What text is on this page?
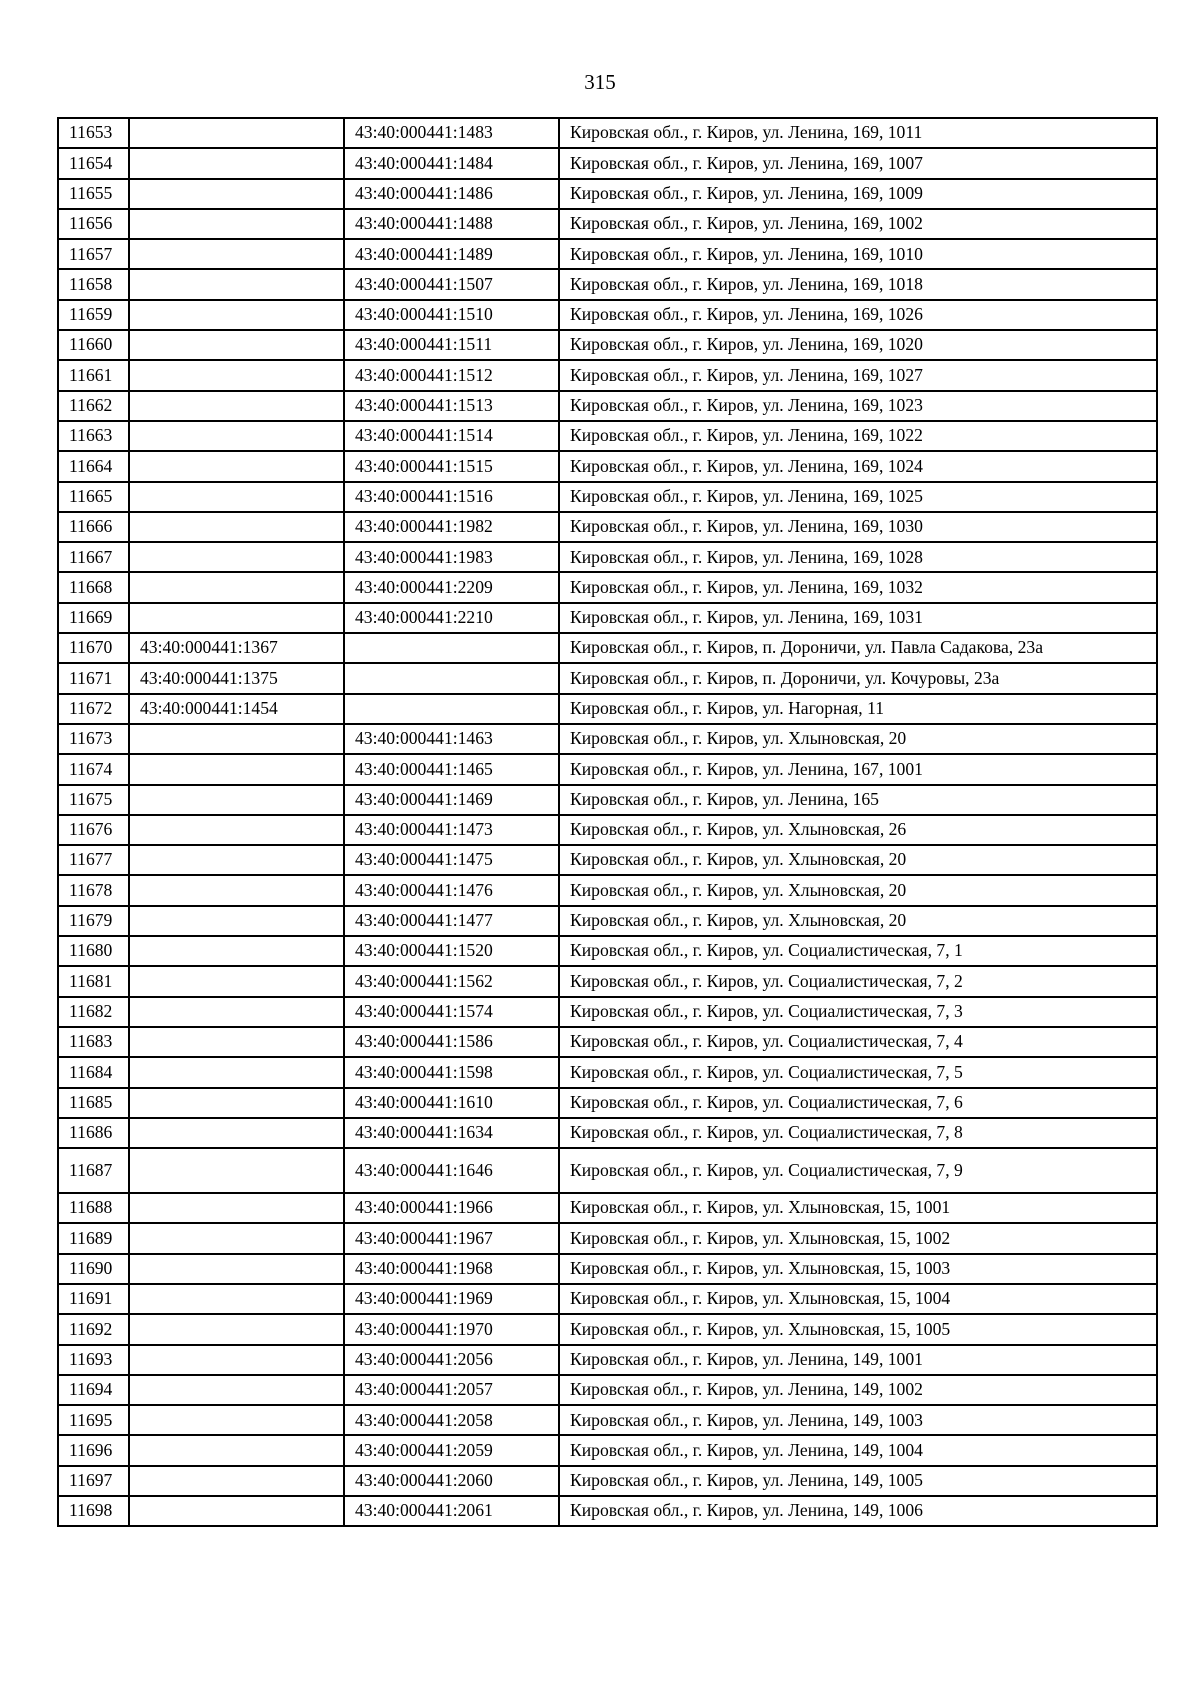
315
11653		43:40:000441:1483	Кировская обл., г. Киров, ул. Ленина, 169, 1011
11654		43:40:000441:1484	Кировская обл., г. Киров, ул. Ленина, 169, 1007
11655		43:40:000441:1486	Кировская обл., г. Киров, ул. Ленина, 169, 1009
11656		43:40:000441:1488	Кировская обл., г. Киров, ул. Ленина, 169, 1002
11657		43:40:000441:1489	Кировская обл., г. Киров, ул. Ленина, 169, 1010
11658		43:40:000441:1507	Кировская обл., г. Киров, ул. Ленина, 169, 1018
11659		43:40:000441:1510	Кировская обл., г. Киров, ул. Ленина, 169, 1026
11660		43:40:000441:1511	Кировская обл., г. Киров, ул. Ленина, 169, 1020
11661		43:40:000441:1512	Кировская обл., г. Киров, ул. Ленина, 169, 1027
11662		43:40:000441:1513	Кировская обл., г. Киров, ул. Ленина, 169, 1023
11663		43:40:000441:1514	Кировская обл., г. Киров, ул. Ленина, 169, 1022
11664		43:40:000441:1515	Кировская обл., г. Киров, ул. Ленина, 169, 1024
11665		43:40:000441:1516	Кировская обл., г. Киров, ул. Ленина, 169, 1025
11666		43:40:000441:1982	Кировская обл., г. Киров, ул. Ленина, 169, 1030
11667		43:40:000441:1983	Кировская обл., г. Киров, ул. Ленина, 169, 1028
11668		43:40:000441:2209	Кировская обл., г. Киров, ул. Ленина, 169, 1032
11669		43:40:000441:2210	Кировская обл., г. Киров, ул. Ленина, 169, 1031
11670	43:40:000441:1367		Кировская обл., г. Киров, п. Дороничи, ул. Павла Садакова, 23а
11671	43:40:000441:1375		Кировская обл., г. Киров, п. Дороничи, ул. Кочуровы, 23а
11672	43:40:000441:1454		Кировская обл., г. Киров, ул. Нагорная, 11
11673		43:40:000441:1463	Кировская обл., г. Киров, ул. Хлыновская, 20
11674		43:40:000441:1465	Кировская обл., г. Киров, ул. Ленина, 167, 1001
11675		43:40:000441:1469	Кировская обл., г. Киров, ул. Ленина, 165
11676		43:40:000441:1473	Кировская обл., г. Киров, ул. Хлыновская, 26
11677		43:40:000441:1475	Кировская обл., г. Киров, ул. Хлыновская, 20
11678		43:40:000441:1476	Кировская обл., г. Киров, ул. Хлыновская, 20
11679		43:40:000441:1477	Кировская обл., г. Киров, ул. Хлыновская, 20
11680		43:40:000441:1520	Кировская обл., г. Киров, ул. Социалистическая, 7, 1
11681		43:40:000441:1562	Кировская обл., г. Киров, ул. Социалистическая, 7, 2
11682		43:40:000441:1574	Кировская обл., г. Киров, ул. Социалистическая, 7, 3
11683		43:40:000441:1586	Кировская обл., г. Киров, ул. Социалистическая, 7, 4
11684		43:40:000441:1598	Кировская обл., г. Киров, ул. Социалистическая, 7, 5
11685		43:40:000441:1610	Кировская обл., г. Киров, ул. Социалистическая, 7, 6
11686		43:40:000441:1634	Кировская обл., г. Киров, ул. Социалистическая, 7, 8
11687		43:40:000441:1646	Кировская обл., г. Киров, ул. Социалистическая, 7, 9
11688		43:40:000441:1966	Кировская обл., г. Киров, ул. Хлыновская, 15, 1001
11689		43:40:000441:1967	Кировская обл., г. Киров, ул. Хлыновская, 15, 1002
11690		43:40:000441:1968	Кировская обл., г. Киров, ул. Хлыновская, 15, 1003
11691		43:40:000441:1969	Кировская обл., г. Киров, ул. Хлыновская, 15, 1004
11692		43:40:000441:1970	Кировская обл., г. Киров, ул. Хлыновская, 15, 1005
11693		43:40:000441:2056	Кировская обл., г. Киров, ул. Ленина, 149, 1001
11694		43:40:000441:2057	Кировская обл., г. Киров, ул. Ленина, 149, 1002
11695		43:40:000441:2058	Кировская обл., г. Киров, ул. Ленина, 149, 1003
11696		43:40:000441:2059	Кировская обл., г. Киров, ул. Ленина, 149, 1004
11697		43:40:000441:2060	Кировская обл., г. Киров, ул. Ленина, 149, 1005
11698		43:40:000441:2061	Кировская обл., г. Киров, ул. Ленина, 149, 1006
